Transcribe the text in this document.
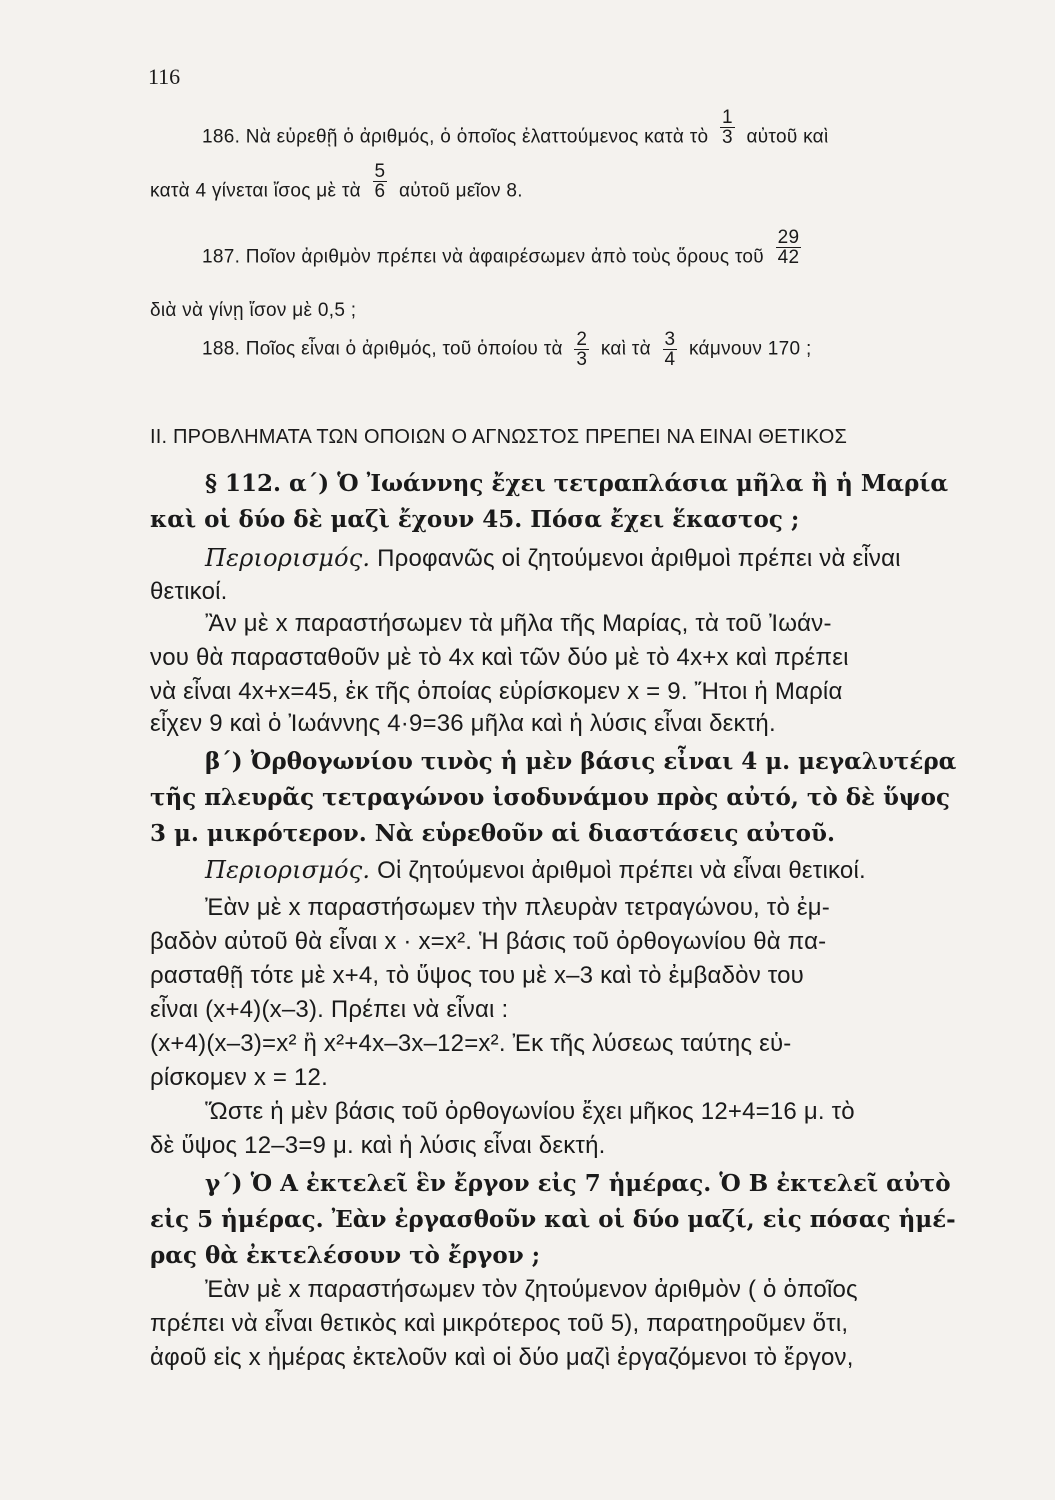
116
186. Νὰ εὑρεθῇ ὁ ἀριθμός, ὁ ὁποῖος ἐλαττούμενος κατὰ τὸ $\frac{1}{3}$ αὐτοῦ καὶ
κατὰ 4 γίνεται ἴσος μὲ τὰ $\frac{5}{6}$ αὐτοῦ μεῖον 8.
187. Ποῖον ἀριθμὸν πρέπει νὰ ἀφαιρέσωμεν ἀπὸ τοὺς ὅρους τοῦ $\frac{29}{42}$
διὰ νὰ γίνῃ ἴσον μὲ 0,5 ;
188. Ποῖος εἶναι ὁ ἀριθμός, τοῦ ὁποίου τὰ $\frac{2}{3}$ καὶ τὰ $\frac{3}{4}$ κάμνουν 170 ;
ΙΙ. ΠΡΟΒΛΗΜΑΤΑ ΤΩΝ ΟΠΟΙΩΝ Ο ΑΓΝΩΣΤΟΣ ΠΡΕΠΕΙ ΝΑ ΕΙΝΑΙ ΘΕΤΙΚΟΣ
§ 112. α΄) Ὁ Ἰωάννης ἔχει τετραπλάσια μῆλα ἢ ἡ Μαρία
καὶ οἱ δύο δὲ μαζὶ ἔχουν 45. Πόσα ἔχει ἕκαστος ;
Περιορισμός. Προφανῶς οἱ ζητούμενοι ἀριθμοὶ πρέπει νὰ εἶναι
θετικοί.
Ἂν μὲ x παραστήσωμεν τὰ μῆλα τῆς Μαρίας, τὰ τοῦ Ἰωάν-
νου θὰ παρασταθοῦν μὲ τὸ 4x καὶ τῶν δύο μὲ τὸ 4x+x καὶ πρέπει
νὰ εἶναι 4x+x=45, ἐκ τῆς ὁποίας εὑρίσκομεν x = 9. Ἤτοι ἡ Μαρία
εἶχεν 9 καὶ ὁ Ἰωάννης 4·9=36 μῆλα καὶ ἡ λύσις εἶναι δεκτή.
β΄) Ὀρθογωνίου τινὸς ἡ μὲν βάσις εἶναι 4 μ. μεγαλυτέρα
τῆς πλευρᾶς τετραγώνου ἰσοδυνάμου πρὸς αὐτό, τὸ δὲ ὕψος
3 μ. μικρότερον. Νὰ εὑρεθοῦν αἱ διαστάσεις αὐτοῦ.
Περιορισμός. Οἱ ζητούμενοι ἀριθμοὶ πρέπει νὰ εἶναι θετικοί.
Ἐὰν μὲ x παραστήσωμεν τὴν πλευρὰν τετραγώνου, τὸ ἐμ-
βαδὸν αὐτοῦ θὰ εἶναι x · x=x². Ἡ βάσις τοῦ ὀρθογωνίου θὰ πα-
ρασταθῇ τότε μὲ x+4, τὸ ὕψος του μὲ x–3 καὶ τὸ ἐμβαδὸν του
εἶναι (x+4)(x–3). Πρέπει νὰ εἶναι :
(x+4)(x–3)=x² ἢ x²+4x–3x–12=x². Ἐκ τῆς λύσεως ταύτης εὑ-
ρίσκομεν x = 12.
Ὥστε ἡ μὲν βάσις τοῦ ὀρθογωνίου ἔχει μῆκος 12+4=16 μ. τὸ
δὲ ὕψος 12–3=9 μ. καὶ ἡ λύσις εἶναι δεκτή.
γ΄) Ὁ Α ἐκτελεῖ ἓν ἔργον εἰς 7 ἡμέρας. Ὁ Β ἐκτελεῖ αὐτὸ
εἰς 5 ἡμέρας. Ἐὰν ἐργασθοῦν καὶ οἱ δύο μαζί, εἰς πόσας ἡμέ-
ρας θὰ ἐκτελέσουν τὸ ἔργον ;
Ἐὰν μὲ x παραστήσωμεν τὸν ζητούμενον ἀριθμὸν ( ὁ ὁποῖος
πρέπει νὰ εἶναι θετικὸς καὶ μικρότερος τοῦ 5), παρατηροῦμεν ὅτι,
ἀφοῦ εἰς x ἡμέρας ἐκτελοῦν καὶ οἱ δύο μαζὶ ἐργαζόμενοι τὸ ἔργον,
